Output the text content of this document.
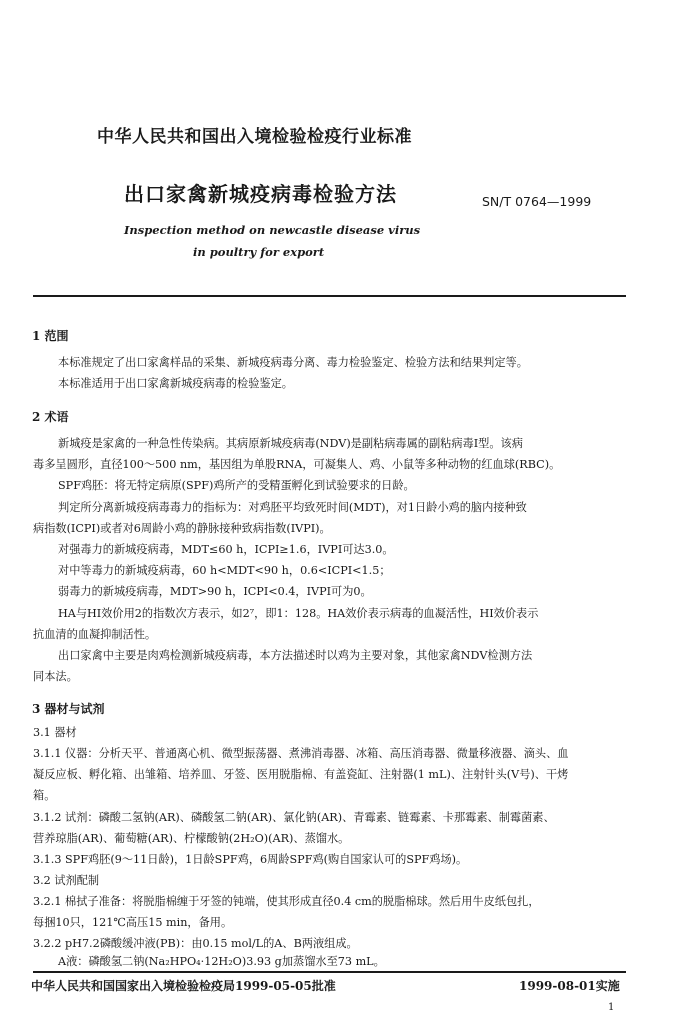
中华人民共和国出入境检验检疫行业标准
出口家禽新城疫病毒检验方法	SN/T 0764—1999
Inspection method on newcastle disease virus
in poultry for export
1 范围
本标准规定了出口家禽样品的采集、新城疫病毒分离、毒力检验鉴定、检验方法和结果判定等。
本标准适用于出口家禽新城疫病毒的检验鉴定。
2 术语
新城疫是家禽的一种急性传染病。其病原新城疫病毒(NDV)是副粘病毒属的副粘病毒Ⅰ型。该病
毒多呈圆形，直径100～500 nm，基因组为单股RNA，可凝集人、鸡、小鼠等多种动物的红血球(RBC)。
SPF鸡胚：将无特定病原(SPF)鸡所产的受精蛋孵化到试验要求的日龄。
判定所分离新城疫病毒毒力的指标为：对鸡胚平均致死时间(MDT)，对1日龄小鸡的脑内接种致
病指数(ICPI)或者对6周龄小鸡的静脉接种致病指数(IVPI)。
对强毒力的新城疫病毒，MDT≤60 h，ICPI≥1.6，IVPI可达3.0。
对中等毒力的新城疫病毒，60 h<MDT<90 h，0.6<ICPI<1.5；
弱毒力的新城疫病毒，MDT>90 h，ICPI<0.4，IVPI可为0。
HA与HI效价用2的指数次方表示，如2⁷，即1：128。HA效价表示病毒的血凝活性，HI效价表示
抗血清的血凝抑制活性。
出口家禽中主要是肉鸡检测新城疫病毒，本方法描述时以鸡为主要对象，其他家禽NDV检测方法
同本法。
3 器材与试剂
3.1 器材
3.1.1 仪器：分析天平、普通离心机、微型振荡器、煮沸消毒器、冰箱、高压消毒器、微量移液器、滴头、血
凝反应板、孵化箱、出雏箱、培养皿、牙签、医用脱脂棉、有盖瓷缸、注射器(1 mL)、注射针头(Ⅴ号)、干烤
箱。
3.1.2 试剂：磷酸二氢钠(AR)、磷酸氢二钠(AR)、氯化钠(AR)、青霉素、链霉素、卡那霉素、制霉菌素、
营养琼脂(AR)、葡萄糖(AR)、柠檬酸钠(2H₂O)(AR)、蒸馏水。
3.1.3 SPF鸡胚(9～11日龄)，1日龄SPF鸡，6周龄SPF鸡(购自国家认可的SPF鸡场)。
3.2 试剂配制
3.2.1 棉拭子准备：将脱脂棉缠于牙签的钝端，使其形成直径0.4 cm的脱脂棉球。然后用牛皮纸包扎，
每捆10只，121℃高压15 min，备用。
3.2.2 pH7.2磷酸缓冲液(PB)：由0.15 mol/L的A、B两液组成。
A液：磷酸氢二钠(Na₂HPO₄·12H₂O)3.93 g加蒸馏水至73 mL。
中华人民共和国国家出入境检验检疫局1999-05-05批准	1999-08-01实施
1
